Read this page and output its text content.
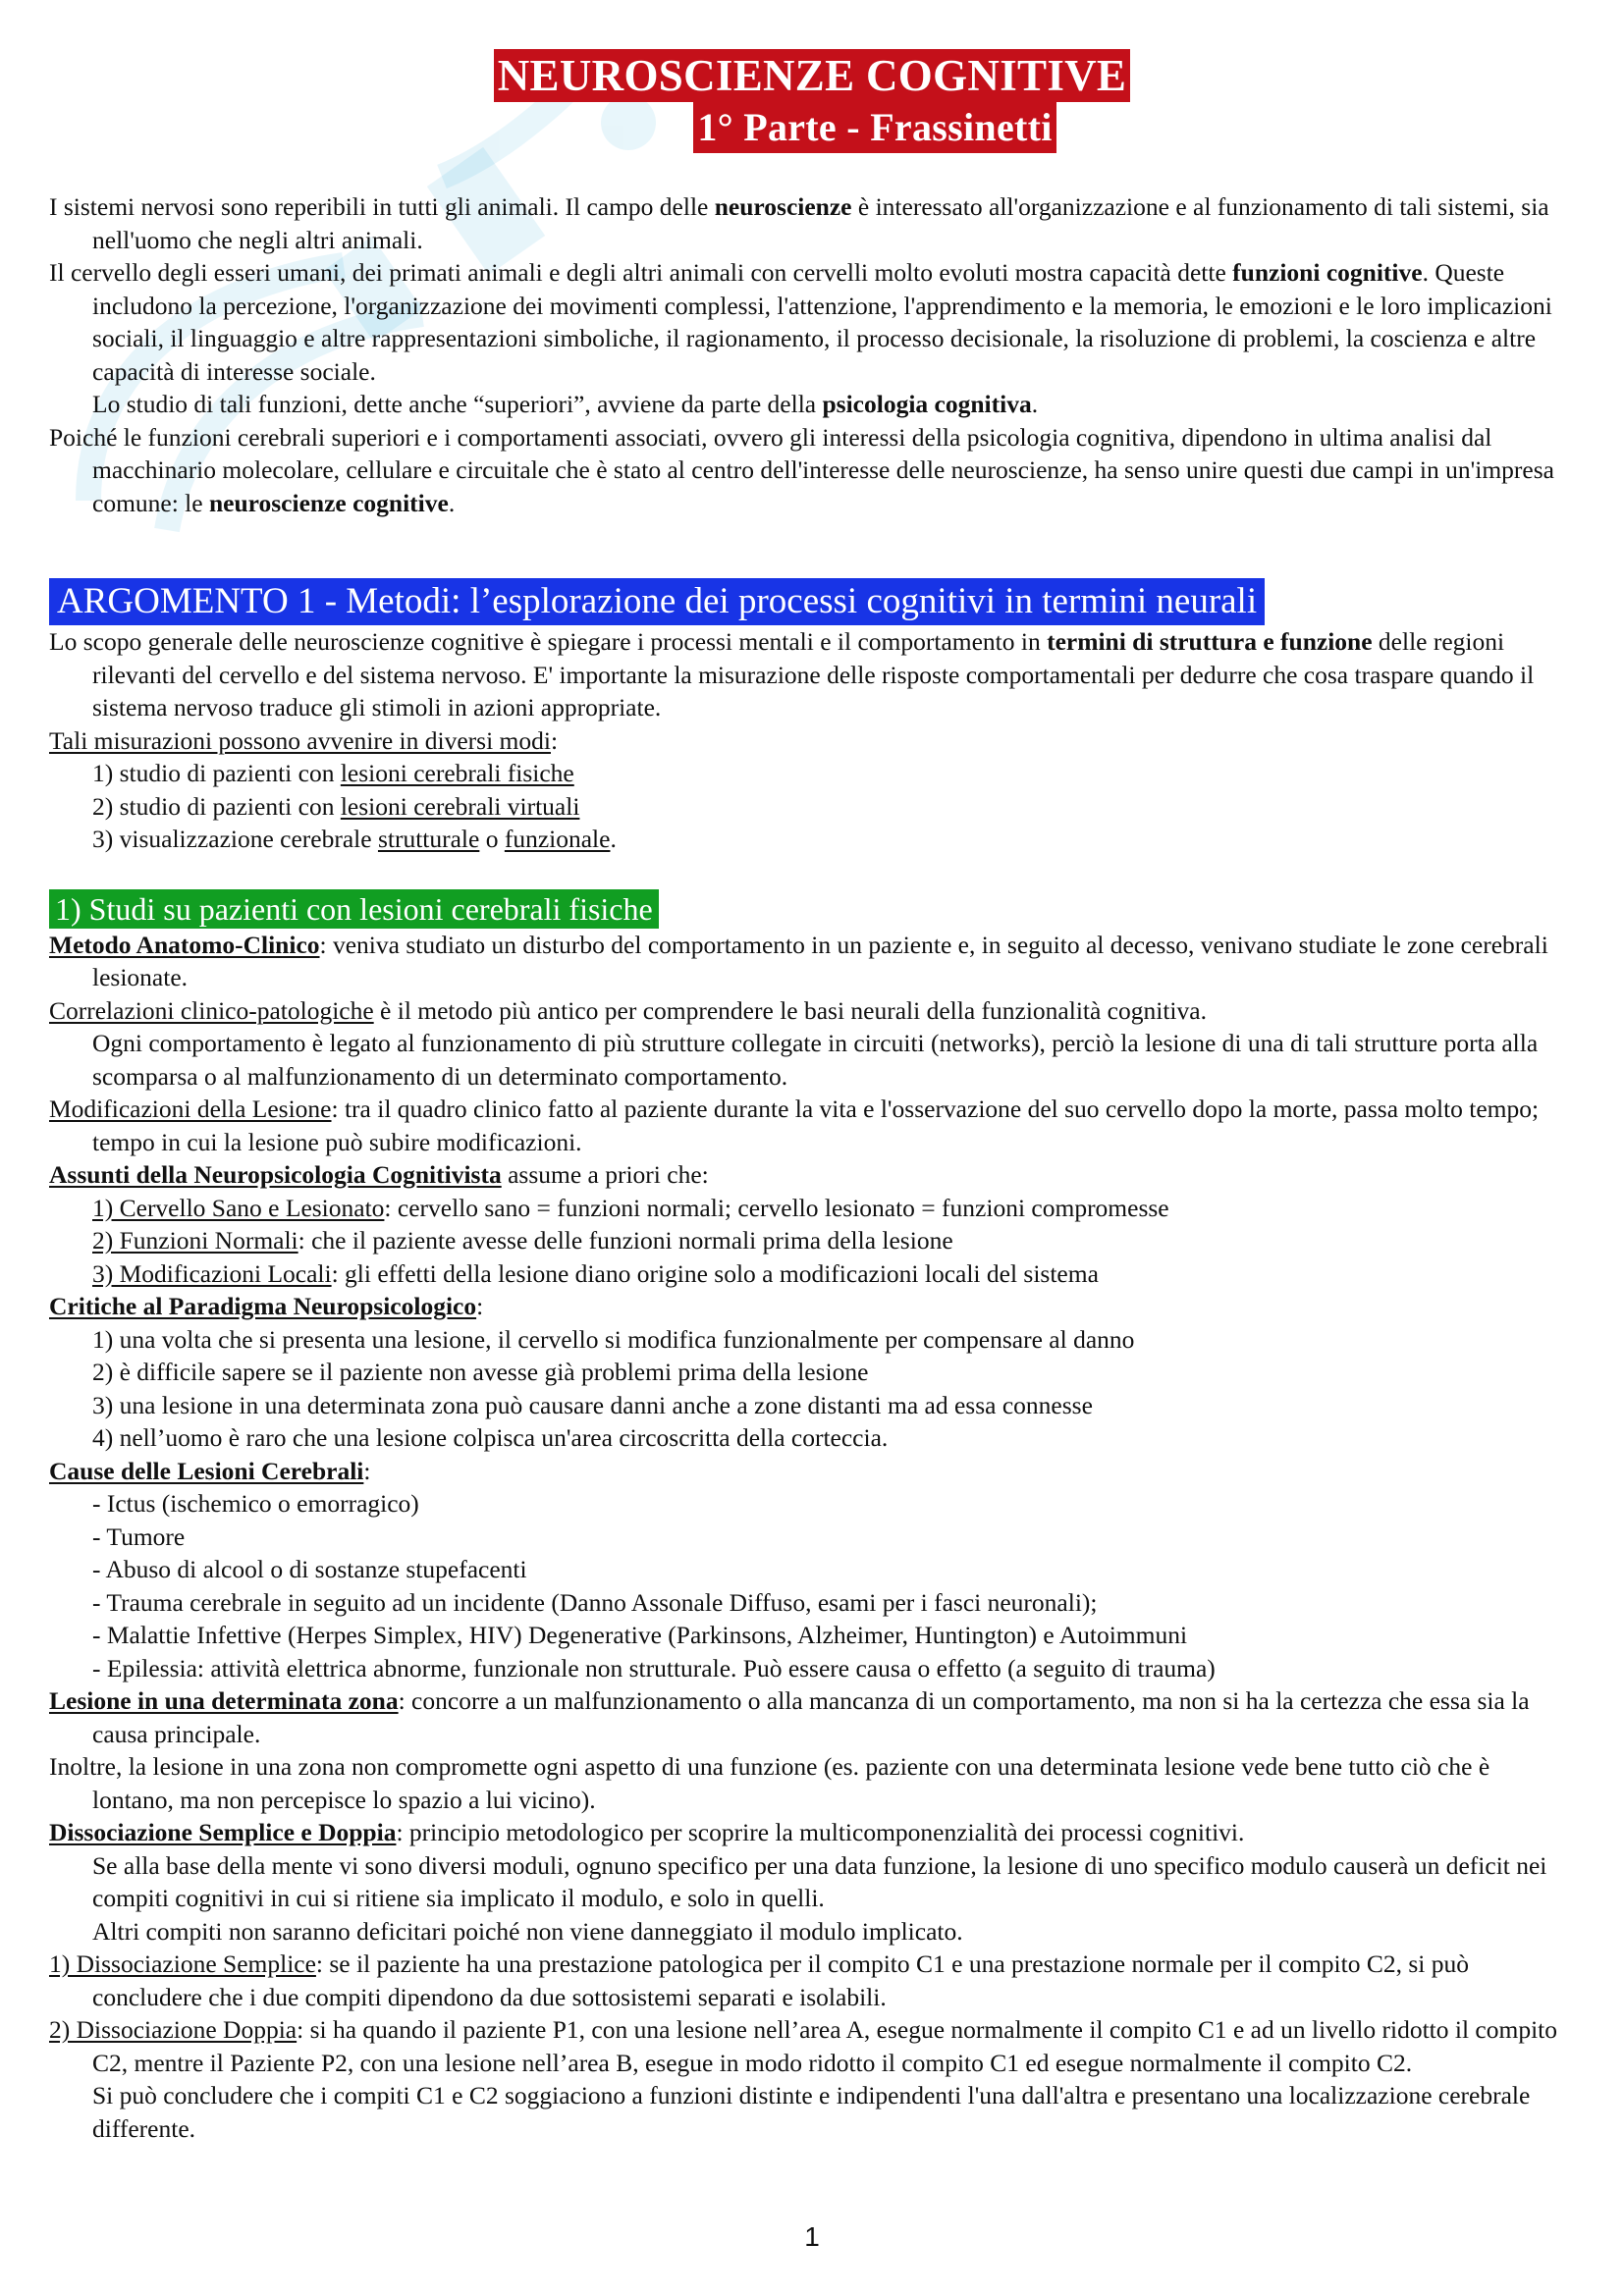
NEUROSCIENZE COGNITIVE
1° Parte - Frassinetti

I sistemi nervosi sono reperibili in tutti gli animali. Il campo delle neuroscienze è interessato all'organizzazione e al funzionamento di tali sistemi, sia nell'uomo che negli altri animali.

Il cervello degli esseri umani, dei primati animali e degli altri animali con cervelli molto evoluti mostra capacità dette funzioni cognitive. Queste includono la percezione, l'organizzazione dei movimenti complessi, l'attenzione, l'apprendimento e la memoria, le emozioni e le loro implicazioni sociali, il linguaggio e altre rappresentazioni simboliche, il ragionamento, il processo decisionale, la risoluzione di problemi, la coscienza e altre capacità di interesse sociale.

Lo studio di tali funzioni, dette anche “superiori”, avviene da parte della psicologia cognitiva.

Poiché le funzioni cerebrali superiori e i comportamenti associati, ovvero gli interessi della psicologia cognitiva, dipendono in ultima analisi dal macchinario molecolare, cellulare e circuitale che è stato al centro dell'interesse delle neuroscienze, ha senso unire questi due campi in un'impresa comune: le neuroscienze cognitive.

ARGOMENTO 1 - Metodi: l’esplorazione dei processi cognitivi in termini neurali

Lo scopo generale delle neuroscienze cognitive è spiegare i processi mentali e il comportamento in termini di struttura e funzione delle regioni rilevanti del cervello e del sistema nervoso. E' importante la misurazione delle risposte comportamentali per dedurre che cosa traspare quando il sistema nervoso traduce gli stimoli in azioni appropriate.

Tali misurazioni possono avvenire in diversi modi:

1) studio di pazienti con lesioni cerebrali fisiche

2) studio di pazienti con lesioni cerebrali virtuali

3) visualizzazione cerebrale strutturale o funzionale.

1) Studi su pazienti con lesioni cerebrali fisiche

Metodo Anatomo-Clinico: veniva studiato un disturbo del comportamento in un paziente e, in seguito al decesso, venivano studiate le zone cerebrali lesionate.

Correlazioni clinico-patologiche è il metodo più antico per comprendere le basi neurali della funzionalità cognitiva.

Ogni comportamento è legato al funzionamento di più strutture collegate in circuiti (networks), perciò la lesione di una di tali strutture porta alla scomparsa o al malfunzionamento di un determinato comportamento.

Modificazioni della Lesione: tra il quadro clinico fatto al paziente durante la vita e l'osservazione del suo cervello dopo la morte, passa molto tempo; tempo in cui la lesione può subire modificazioni.

Assunti della Neuropsicologia Cognitivista assume a priori che:

1) Cervello Sano e Lesionato: cervello sano = funzioni normali; cervello lesionato = funzioni compromesse

2) Funzioni Normali: che il paziente avesse delle funzioni normali prima della lesione

3) Modificazioni Locali: gli effetti della lesione diano origine solo a modificazioni locali del sistema

Critiche al Paradigma Neuropsicologico:

1) una volta che si presenta una lesione, il cervello si modifica funzionalmente per compensare al danno

2) è difficile sapere se il paziente non avesse già problemi prima della lesione

3) una lesione in una determinata zona può causare danni anche a zone distanti ma ad essa connesse

4) nell’uomo è raro che una lesione colpisca un'area circoscritta della corteccia.

Cause delle Lesioni Cerebrali:

- Ictus (ischemico o emorragico)

- Tumore

- Abuso di alcool o di sostanze stupefacenti

- Trauma cerebrale in seguito ad un incidente (Danno Assonale Diffuso, esami per i fasci neuronali);

- Malattie Infettive (Herpes Simplex, HIV) Degenerative (Parkinsons, Alzheimer, Huntington) e Autoimmuni

- Epilessia: attività elettrica abnorme, funzionale non strutturale. Può essere causa o effetto (a seguito di trauma)

Lesione in una determinata zona: concorre a un malfunzionamento o alla mancanza di un comportamento, ma non si ha la certezza che essa sia la causa principale.

Inoltre, la lesione in una zona non compromette ogni aspetto di una funzione (es. paziente con una determinata lesione vede bene tutto ciò che è lontano, ma non percepisce lo spazio a lui vicino).

Dissociazione Semplice e Doppia: principio metodologico per scoprire la multicomponenzialità dei processi cognitivi.

Se alla base della mente vi sono diversi moduli, ognuno specifico per una data funzione, la lesione di uno specifico modulo causerà un deficit nei compiti cognitivi in cui si ritiene sia implicato il modulo, e solo in quelli.

Altri compiti non saranno deficitari poiché non viene danneggiato il modulo implicato.

1) Dissociazione Semplice: se il paziente ha una prestazione patologica per il compito C1 e una prestazione normale per il compito C2, si può concludere che i due compiti dipendono da due sottosistemi separati e isolabili.

2) Dissociazione Doppia: si ha quando il paziente P1, con una lesione nell’area A, esegue normalmente il compito C1 e ad un livello ridotto il compito C2, mentre il Paziente P2, con una lesione nell’area B, esegue in modo ridotto il compito C1 ed esegue normalmente il compito C2.

Si può concludere che i compiti C1 e C2 soggiaciono a funzioni distinte e indipendenti l'una dall'altra e presentano una localizzazione cerebrale differente.

1
